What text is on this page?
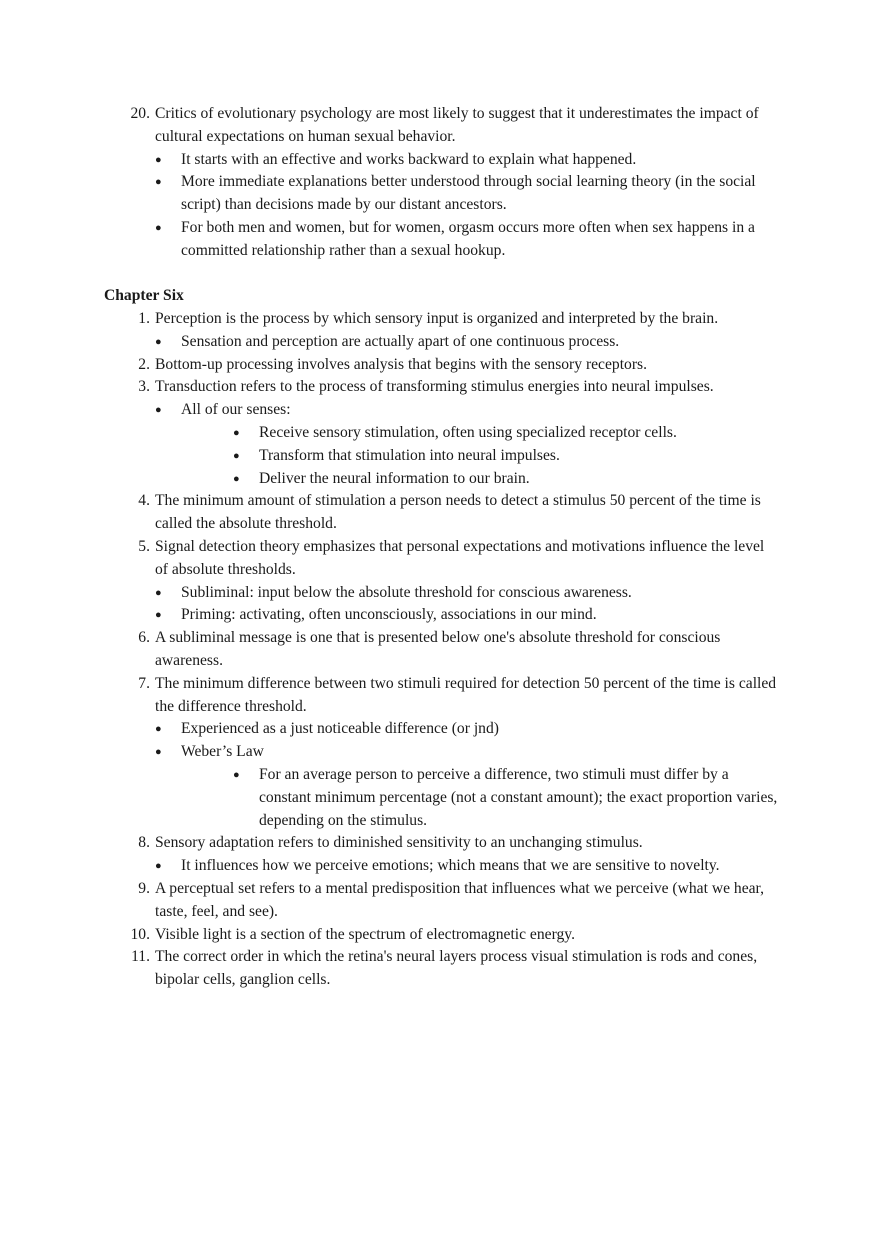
20. Critics of evolutionary psychology are most likely to suggest that it underestimates the impact of cultural expectations on human sexual behavior.
● It starts with an effective and works backward to explain what happened.
● More immediate explanations better understood through social learning theory (in the social script) than decisions made by our distant ancestors.
● For both men and women, but for women, orgasm occurs more often when sex happens in a committed relationship rather than a sexual hookup.
Chapter Six
1. Perception is the process by which sensory input is organized and interpreted by the brain.
● Sensation and perception are actually apart of one continuous process.
2. Bottom-up processing involves analysis that begins with the sensory receptors.
3. Transduction refers to the process of transforming stimulus energies into neural impulses.
● All of our senses:
● Receive sensory stimulation, often using specialized receptor cells.
● Transform that stimulation into neural impulses.
● Deliver the neural information to our brain.
4. The minimum amount of stimulation a person needs to detect a stimulus 50 percent of the time is called the absolute threshold.
5. Signal detection theory emphasizes that personal expectations and motivations influence the level of absolute thresholds.
● Subliminal: input below the absolute threshold for conscious awareness.
● Priming: activating, often unconsciously, associations in our mind.
6. A subliminal message is one that is presented below one's absolute threshold for conscious awareness.
7. The minimum difference between two stimuli required for detection 50 percent of the time is called the difference threshold.
● Experienced as a just noticeable difference (or jnd)
● Weber’s Law
● For an average person to perceive a difference, two stimuli must differ by a constant minimum percentage (not a constant amount); the exact proportion varies, depending on the stimulus.
8. Sensory adaptation refers to diminished sensitivity to an unchanging stimulus.
● It influences how we perceive emotions; which means that we are sensitive to novelty.
9. A perceptual set refers to a mental predisposition that influences what we perceive (what we hear, taste, feel, and see).
10. Visible light is a section of the spectrum of electromagnetic energy.
11. The correct order in which the retina's neural layers process visual stimulation is rods and cones, bipolar cells, ganglion cells.
